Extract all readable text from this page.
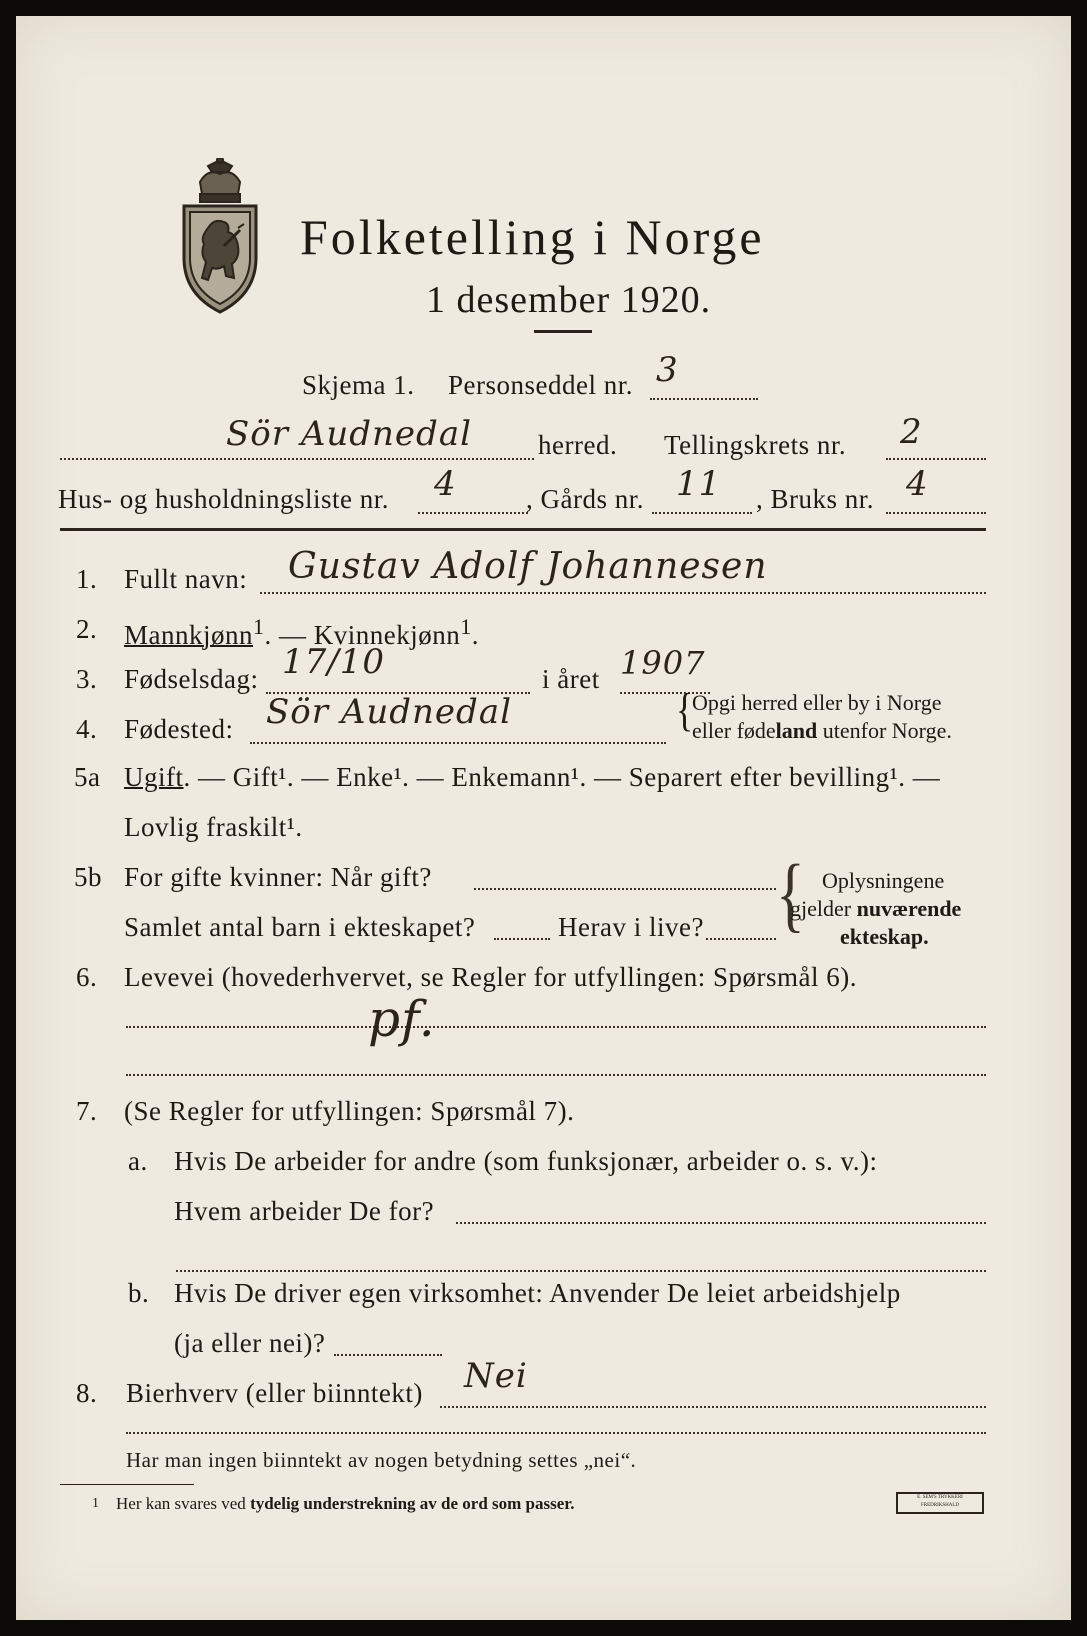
Folketelling i Norge
1 desember 1920.
Skjema 1. Personseddel nr. 3
Sör Audnedal herred. Tellingskrets nr. 2
Hus- og husholdningsliste nr. 4	, Gårds nr. 11 , Bruks nr. 4
1. Fullt navn: Gustav Adolf Johannesen
2. Mannkjønn$^1$. — Kvinnekjønn$^1$.
3. Fødselsdag: 17/10	i året 1907
4. Fødested: Sör Audnedal	{
Opgi herred eller by i Norge
eller fødeland utenfor Norge.
5a Ugift. — Gift¹. — Enke¹. — Enkemann¹. — Separert efter bevilling¹. —
Lovlig fraskilt¹.
5b For gifte kvinner: Når gift?
Samlet antal barn i ekteskapet?	Herav i live? { Oplysningene
gjelder nuværende
ekteskap.
6. Levevei (hovederhvervet, se Regler for utfyllingen: Spørsmål 6).
pf.
7. (Se Regler for utfyllingen: Spørsmål 7).
a. Hvis De arbeider for andre (som funksjonær, arbeider o. s. v.):
Hvem arbeider De for?
b. Hvis De driver egen virksomhet: Anvender De leiet arbeidshjelp
(ja eller nei)?
8. Bierhverv (eller biinntekt) Nei
Har man ingen biinntekt av nogen betydning settes „nei“.
1 Her kan svares ved tydelig understrekning av de ord som passer.	E. SEM'S TRYKKERI FREDRIKSHALD
